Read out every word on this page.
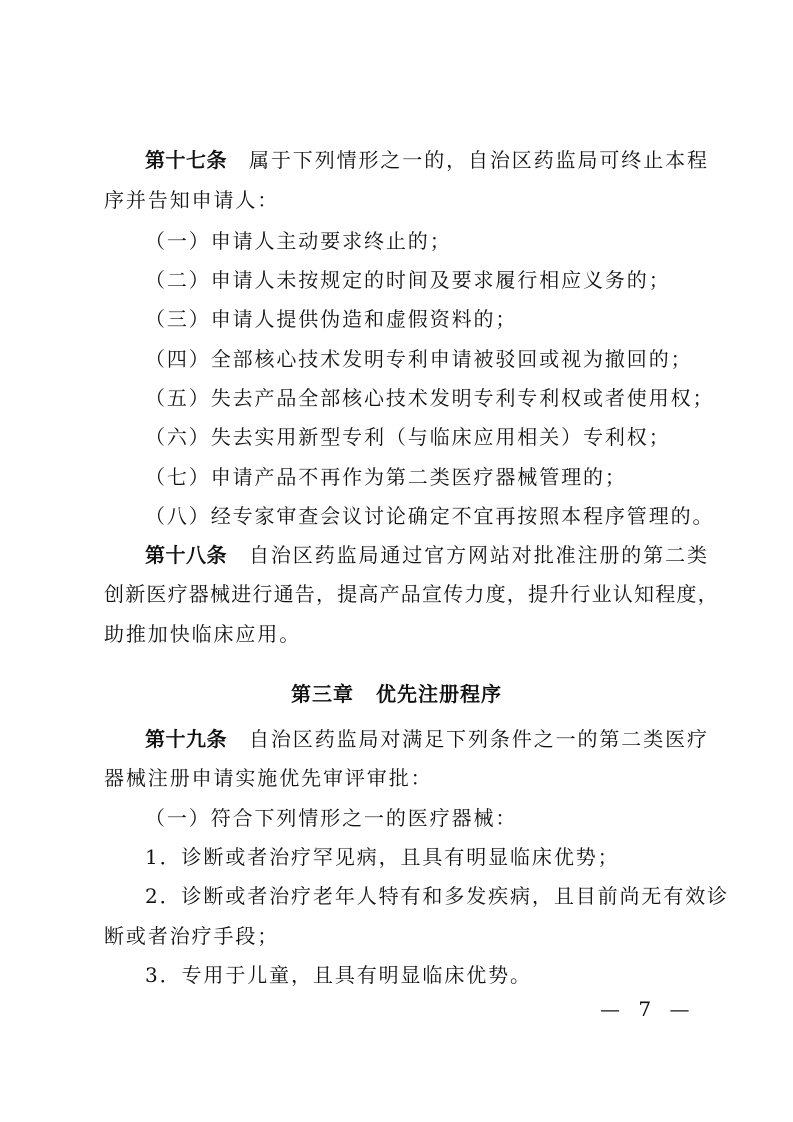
第十七条 属于下列情形之一的，自治区药监局可终止本程
序并告知申请人：
（一）申请人主动要求终止的；
（二）申请人未按规定的时间及要求履行相应义务的；
（三）申请人提供伪造和虚假资料的；
（四）全部核心技术发明专利申请被驳回或视为撤回的；
（五）失去产品全部核心技术发明专利专利权或者使用权；
（六）失去实用新型专利（与临床应用相关）专利权；
（七）申请产品不再作为第二类医疗器械管理的；
（八）经专家审查会议讨论确定不宜再按照本程序管理的。
第十八条 自治区药监局通过官方网站对批准注册的第二类
创新医疗器械进行通告，提高产品宣传力度，提升行业认知程度，
助推加快临床应用。
第三章 优先注册程序
第十九条 自治区药监局对满足下列条件之一的第二类医疗
器械注册申请实施优先审评审批：
（一）符合下列情形之一的医疗器械：
1．诊断或者治疗罕见病，且具有明显临床优势；
2．诊断或者治疗老年人特有和多发疾病，且目前尚无有效诊
断或者治疗手段；
3．专用于儿童，且具有明显临床优势。
— 7 —
